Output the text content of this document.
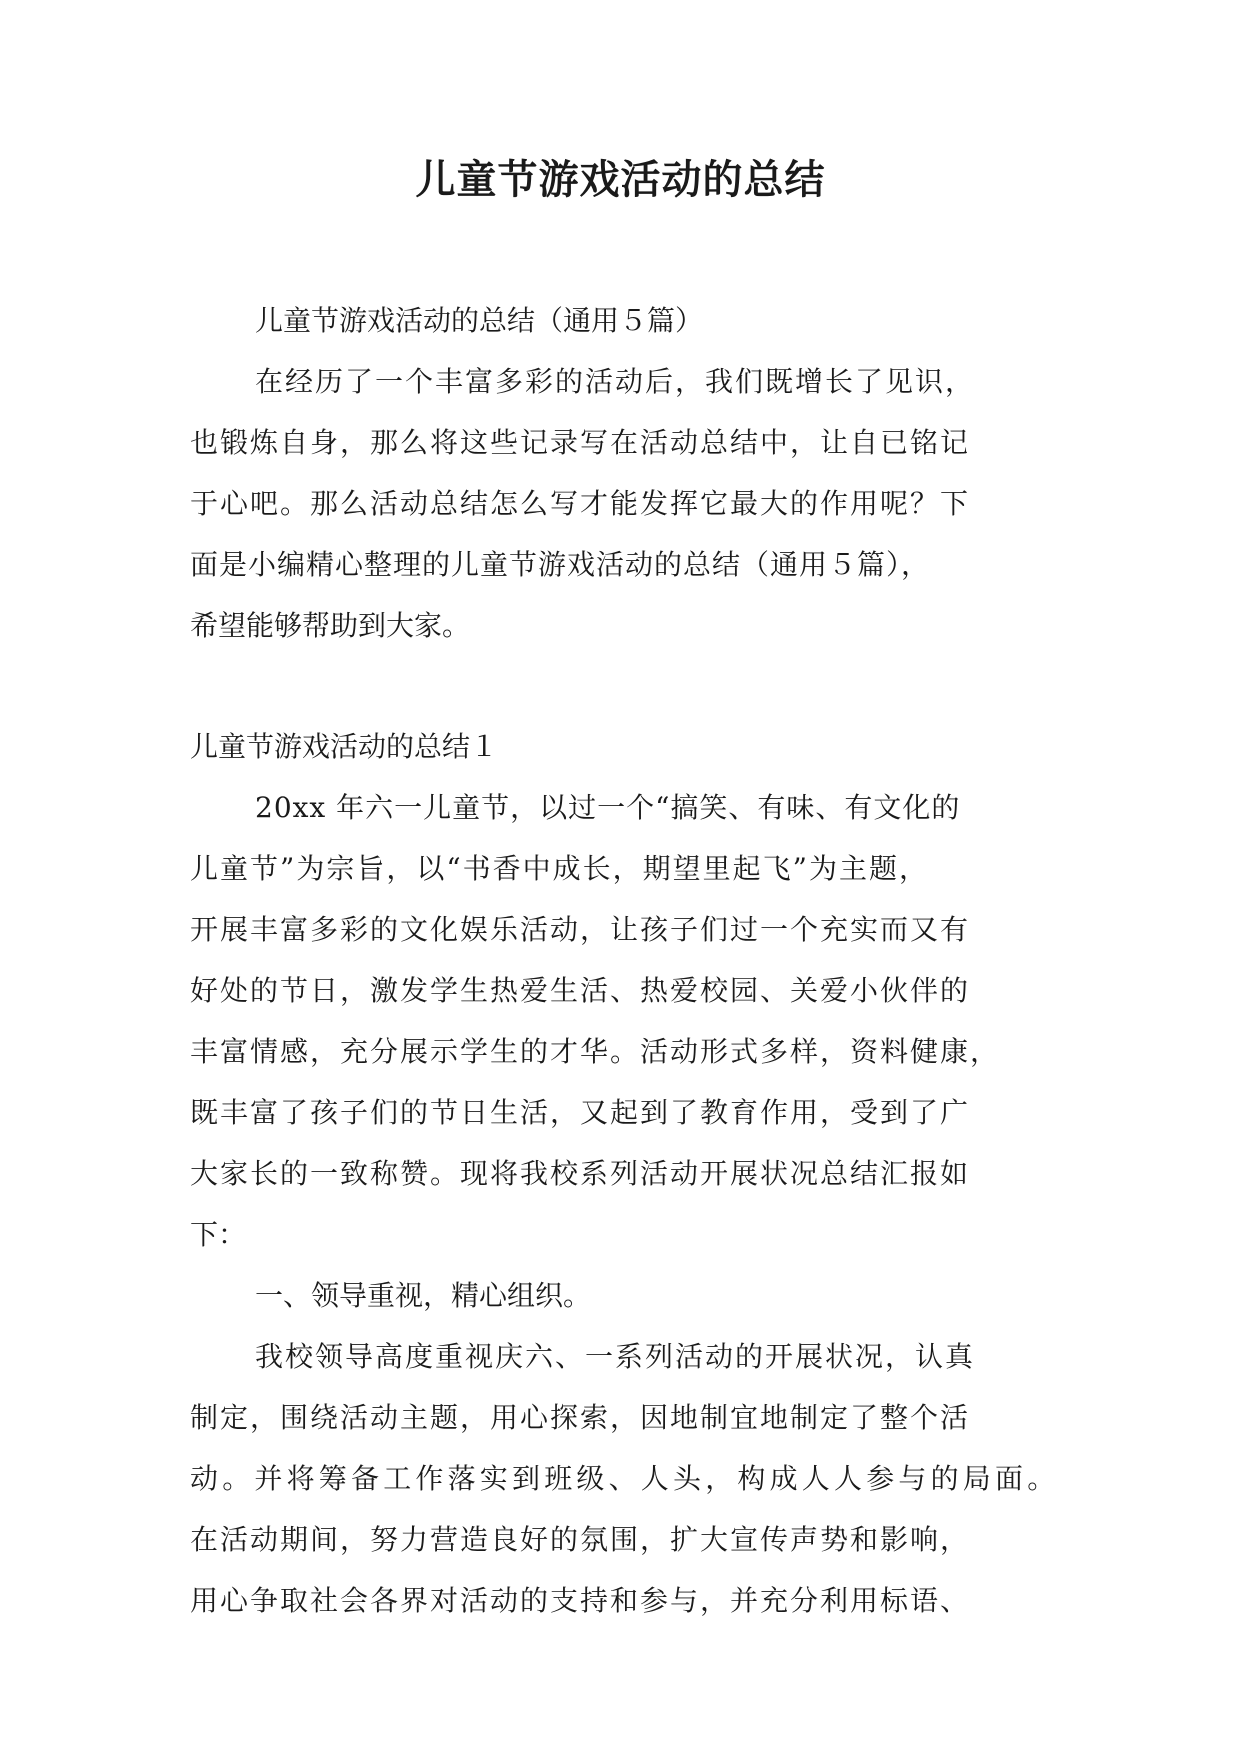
儿童节游戏活动的总结
儿童节游戏活动的总结（通用５篇）
在经历了一个丰富多彩的活动后，我们既增长了见识，
也锻炼自身，那么将这些记录写在活动总结中，让自已铭记
于心吧。那么活动总结怎么写才能发挥它最大的作用呢？下
面是小编精心整理的儿童节游戏活动的总结（通用５篇），
希望能够帮助到大家。
儿童节游戏活动的总结１
20xx 年六一儿童节，以过一个“搞笑、有味、有文化的
儿童节”为宗旨，以“书香中成长，期望里起飞”为主题，
开展丰富多彩的文化娱乐活动，让孩子们过一个充实而又有
好处的节日，激发学生热爱生活、热爱校园、关爱小伙伴的
丰富情感，充分展示学生的才华。活动形式多样，资料健康，
既丰富了孩子们的节日生活，又起到了教育作用，受到了广
大家长的一致称赞。现将我校系列活动开展状况总结汇报如
下：
一、领导重视，精心组织。
我校领导高度重视庆六、一系列活动的开展状况，认真
制定，围绕活动主题，用心探索，因地制宜地制定了整个活
动。并将筹备工作落实到班级、人头，构成人人参与的局面。
在活动期间，努力营造良好的氛围，扩大宣传声势和影响，
用心争取社会各界对活动的支持和参与，并充分利用标语、
